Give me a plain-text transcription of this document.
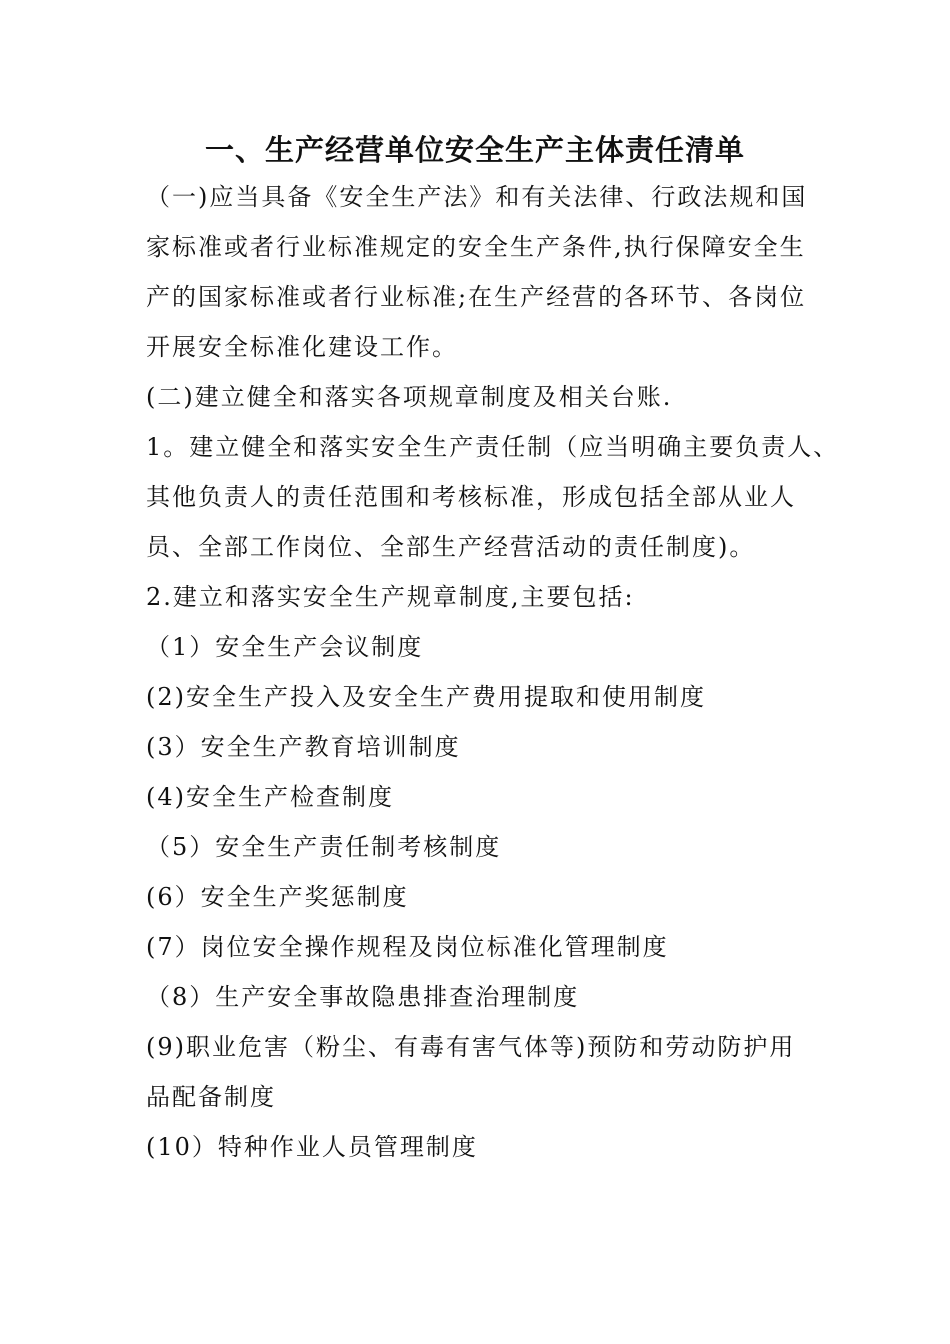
一、生产经营单位安全生产主体责任清单
（一)应当具备《安全生产法》和有关法律、行政法规和国
家标准或者行业标准规定的安全生产条件,执行保障安全生
产的国家标准或者行业标准;在生产经营的各环节、各岗位
开展安全标准化建设工作。
(二)建立健全和落实各项规章制度及相关台账.
1。建立健全和落实安全生产责任制（应当明确主要负责人、
其他负责人的责任范围和考核标准，形成包括全部从业人
员、全部工作岗位、全部生产经营活动的责任制度)。
2.建立和落实安全生产规章制度,主要包括:
（1）安全生产会议制度
(2)安全生产投入及安全生产费用提取和使用制度
(3）安全生产教育培训制度
(4)安全生产检查制度
（5）安全生产责任制考核制度
(6）安全生产奖惩制度
(7）岗位安全操作规程及岗位标准化管理制度
（8）生产安全事故隐患排查治理制度
(9)职业危害（粉尘、有毒有害气体等)预防和劳动防护用
品配备制度
(10）特种作业人员管理制度
